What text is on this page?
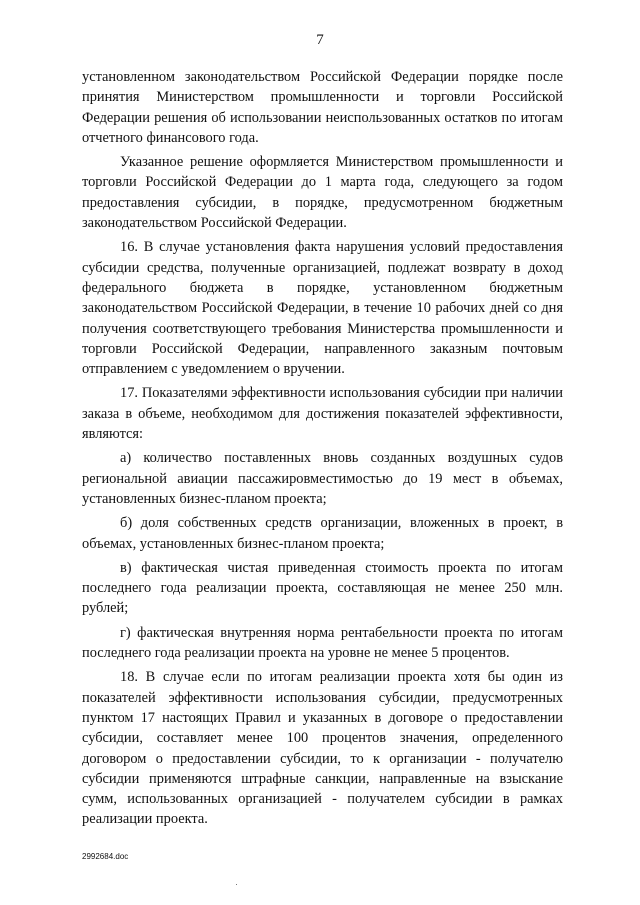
7

установленном законодательством Российской Федерации порядке после принятия Министерством промышленности и торговли Российской Федерации решения об использовании неиспользованных остатков по итогам отчетного финансового года.

Указанное решение оформляется Министерством промышленности и торговли Российской Федерации до 1 марта года, следующего за годом предоставления субсидии, в порядке, предусмотренном бюджетным законодательством Российской Федерации.

16. В случае установления факта нарушения условий предоставления субсидии средства, полученные организацией, подлежат возврату в доход федерального бюджета в порядке, установленном бюджетным законодательством Российской Федерации, в течение 10 рабочих дней со дня получения соответствующего требования Министерства промышленности и торговли Российской Федерации, направленного заказным почтовым отправлением с уведомлением о вручении.

17. Показателями эффективности использования субсидии при наличии заказа в объеме, необходимом для достижения показателей эффективности, являются:

а) количество поставленных вновь созданных воздушных судов региональной авиации пассажировместимостью до 19 мест в объемах, установленных бизнес-планом проекта;

б) доля собственных средств организации, вложенных в проект, в объемах, установленных бизнес-планом проекта;

в) фактическая чистая приведенная стоимость проекта по итогам последнего года реализации проекта, составляющая не менее 250 млн. рублей;

г) фактическая внутренняя норма рентабельности проекта по итогам последнего года реализации проекта на уровне не менее 5 процентов.

18. В случае если по итогам реализации проекта хотя бы один из показателей эффективности использования субсидии, предусмотренных пунктом 17 настоящих Правил и указанных в договоре о предоставлении субсидии, составляет менее 100 процентов значения, определенного договором о предоставлении субсидии, то к организации - получателю субсидии применяются штрафные санкции, направленные на взыскание сумм, использованных организацией - получателем субсидии в рамках реализации проекта.

2992684.doc
